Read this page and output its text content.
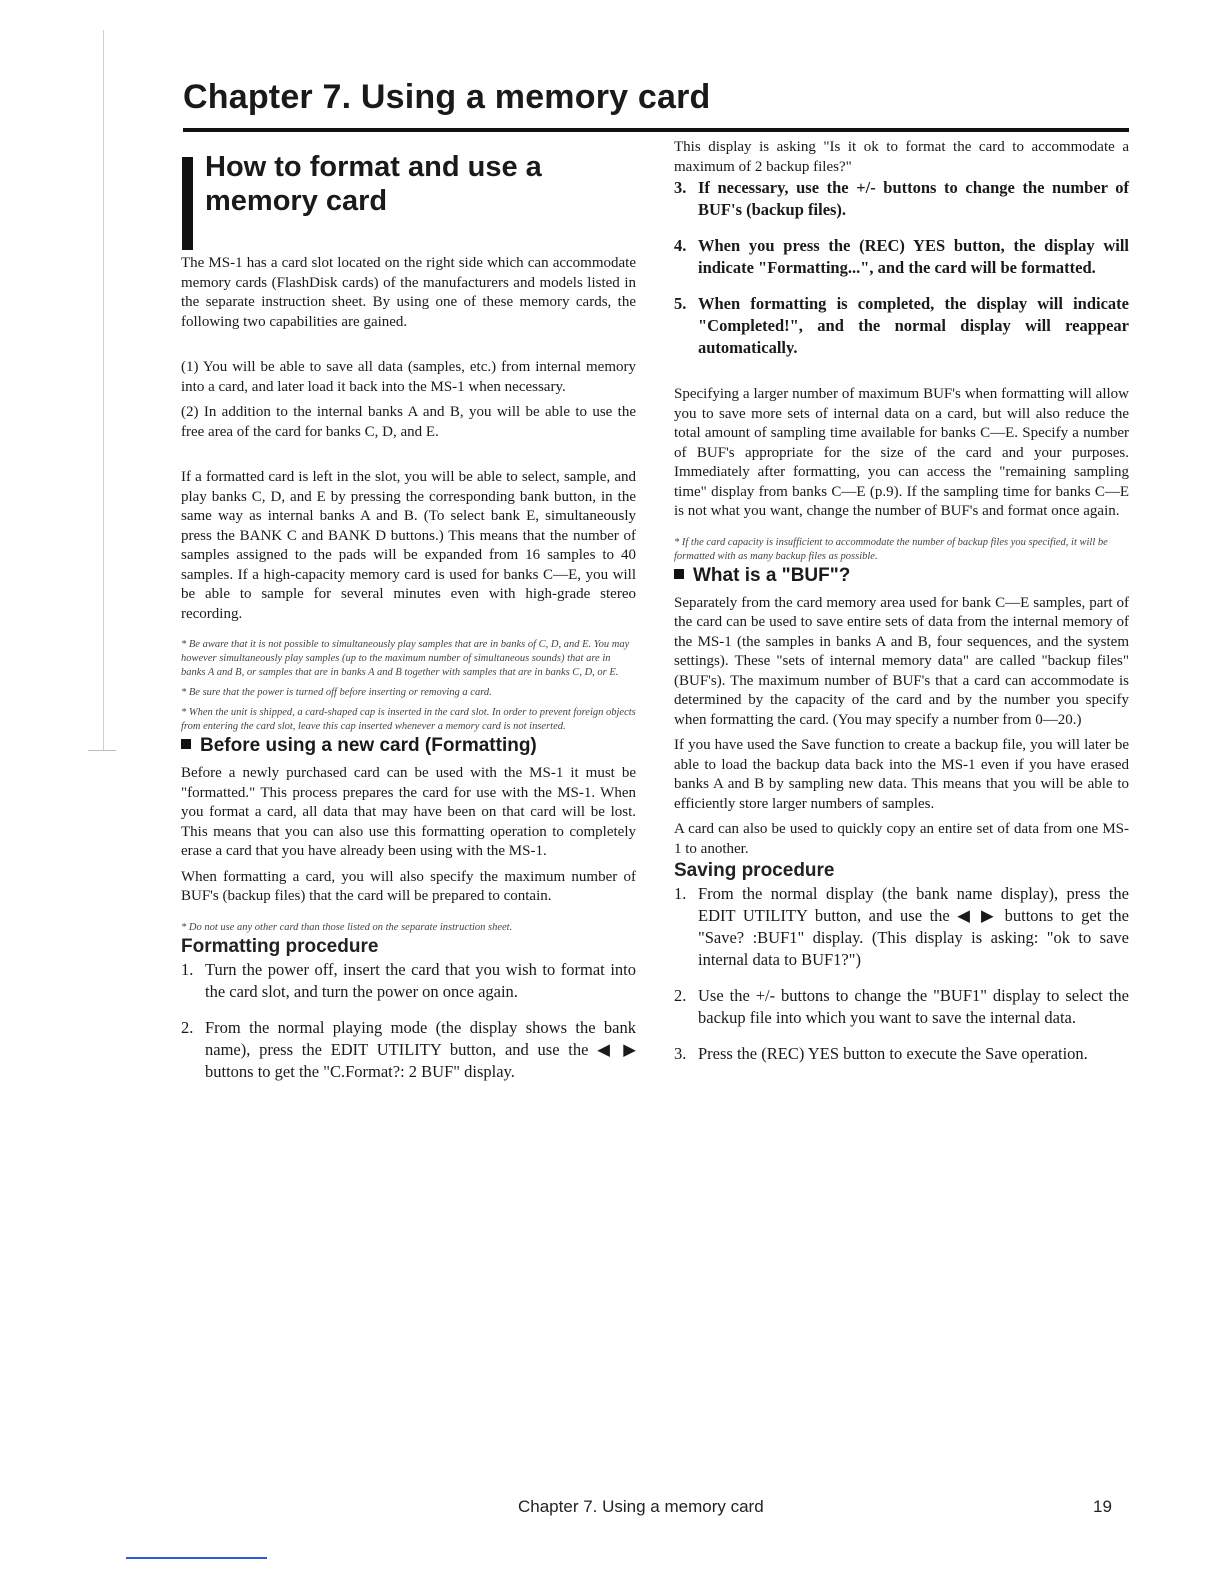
Chapter 7. Using a memory card
How to format and use a memory card

The MS-1 has a card slot located on the right side which can accommodate memory cards (FlashDisk cards) of the manufacturers and models listed in the separate instruction sheet. By using one of these memory cards, the following two capabilities are gained.

(1) You will be able to save all data (samples, etc.) from internal memory into a card, and later load it back into the MS-1 when necessary.

(2) In addition to the internal banks A and B, you will be able to use the free area of the card for banks C, D, and E.

If a formatted card is left in the slot, you will be able to select, sample, and play banks C, D, and E by pressing the corresponding bank button, in the same way as internal banks A and B. (To select bank E, simultaneously press the BANK C and BANK D buttons.) This means that the number of samples assigned to the pads will be expanded from 16 samples to 40 samples. If a high-capacity memory card is used for banks C—E, you will be able to sample for several minutes even with high-grade stereo recording.

* Be aware that it is not possible to simultaneously play samples that are in banks of C, D, and E. You may however simultaneously play samples (up to the maximum number of simultaneous sounds) that are in banks A and B, or samples that are in banks A and B together with samples that are in banks C, D, or E.

* Be sure that the power is turned off before inserting or removing a card.

* When the unit is shipped, a card-shaped cap is inserted in the card slot. In order to prevent foreign objects from entering the card slot, leave this cap inserted whenever a memory card is not inserted.

Before using a new card (Formatting)

Before a newly purchased card can be used with the MS-1 it must be "formatted." This process prepares the card for use with the MS-1. When you format a card, all data that may have been on that card will be lost. This means that you can also use this formatting operation to completely erase a card that you have already been using with the MS-1.

When formatting a card, you will also specify the maximum number of BUF's (backup files) that the card will be prepared to contain.

* Do not use any other card than those listed on the separate instruction sheet.

Formatting procedure
1. Turn the power off, insert the card that you wish to format into the card slot, and turn the power on once again.
2. From the normal playing mode (the display shows the bank name), press the EDIT UTILITY button, and use the ◀ ▶ buttons to get the "C.Format?: 2 BUF" display.

This display is asking "Is it ok to format the card to accommodate a maximum of 2 backup files?"

3. If necessary, use the +/- buttons to change the number of BUF's (backup files).
4. When you press the (REC) YES button, the display will indicate "Formatting...", and the card will be formatted.
5. When formatting is completed, the display will indicate "Completed!", and the normal display will reappear automatically.

Specifying a larger number of maximum BUF's when formatting will allow you to save more sets of internal data on a card, but will also reduce the total amount of sampling time available for banks C—E. Specify a number of BUF's appropriate for the size of the card and your purposes. Immediately after formatting, you can access the "remaining sampling time" display from banks C—E (p.9). If the sampling time for banks C—E is not what you want, change the number of BUF's and format once again.

* If the card capacity is insufficient to accommodate the number of backup files you specified, it will be formatted with as many backup files as possible.

What is a "BUF"?

Separately from the card memory area used for bank C—E samples, part of the card can be used to save entire sets of data from the internal memory of the MS-1 (the samples in banks A and B, four sequences, and the system settings). These "sets of internal memory data" are called "backup files" (BUF's). The maximum number of BUF's that a card can accommodate is determined by the capacity of the card and by the number you specify when formatting the card. (You may specify a number from 0—20.)

If you have used the Save function to create a backup file, you will later be able to load the backup data back into the MS-1 even if you have erased banks A and B by sampling new data. This means that you will be able to efficiently store larger numbers of samples.

A card can also be used to quickly copy an entire set of data from one MS-1 to another.

Saving procedure
1. From the normal display (the bank name display), press the EDIT UTILITY button, and use the ◀ ▶ buttons to get the "Save? :BUF1" display. (This display is asking: "ok to save internal data to BUF1?")
2. Use the +/- buttons to change the "BUF1" display to select the backup file into which you want to save the internal data.
3. Press the (REC) YES button to execute the Save operation.
Chapter 7. Using a memory card	19
